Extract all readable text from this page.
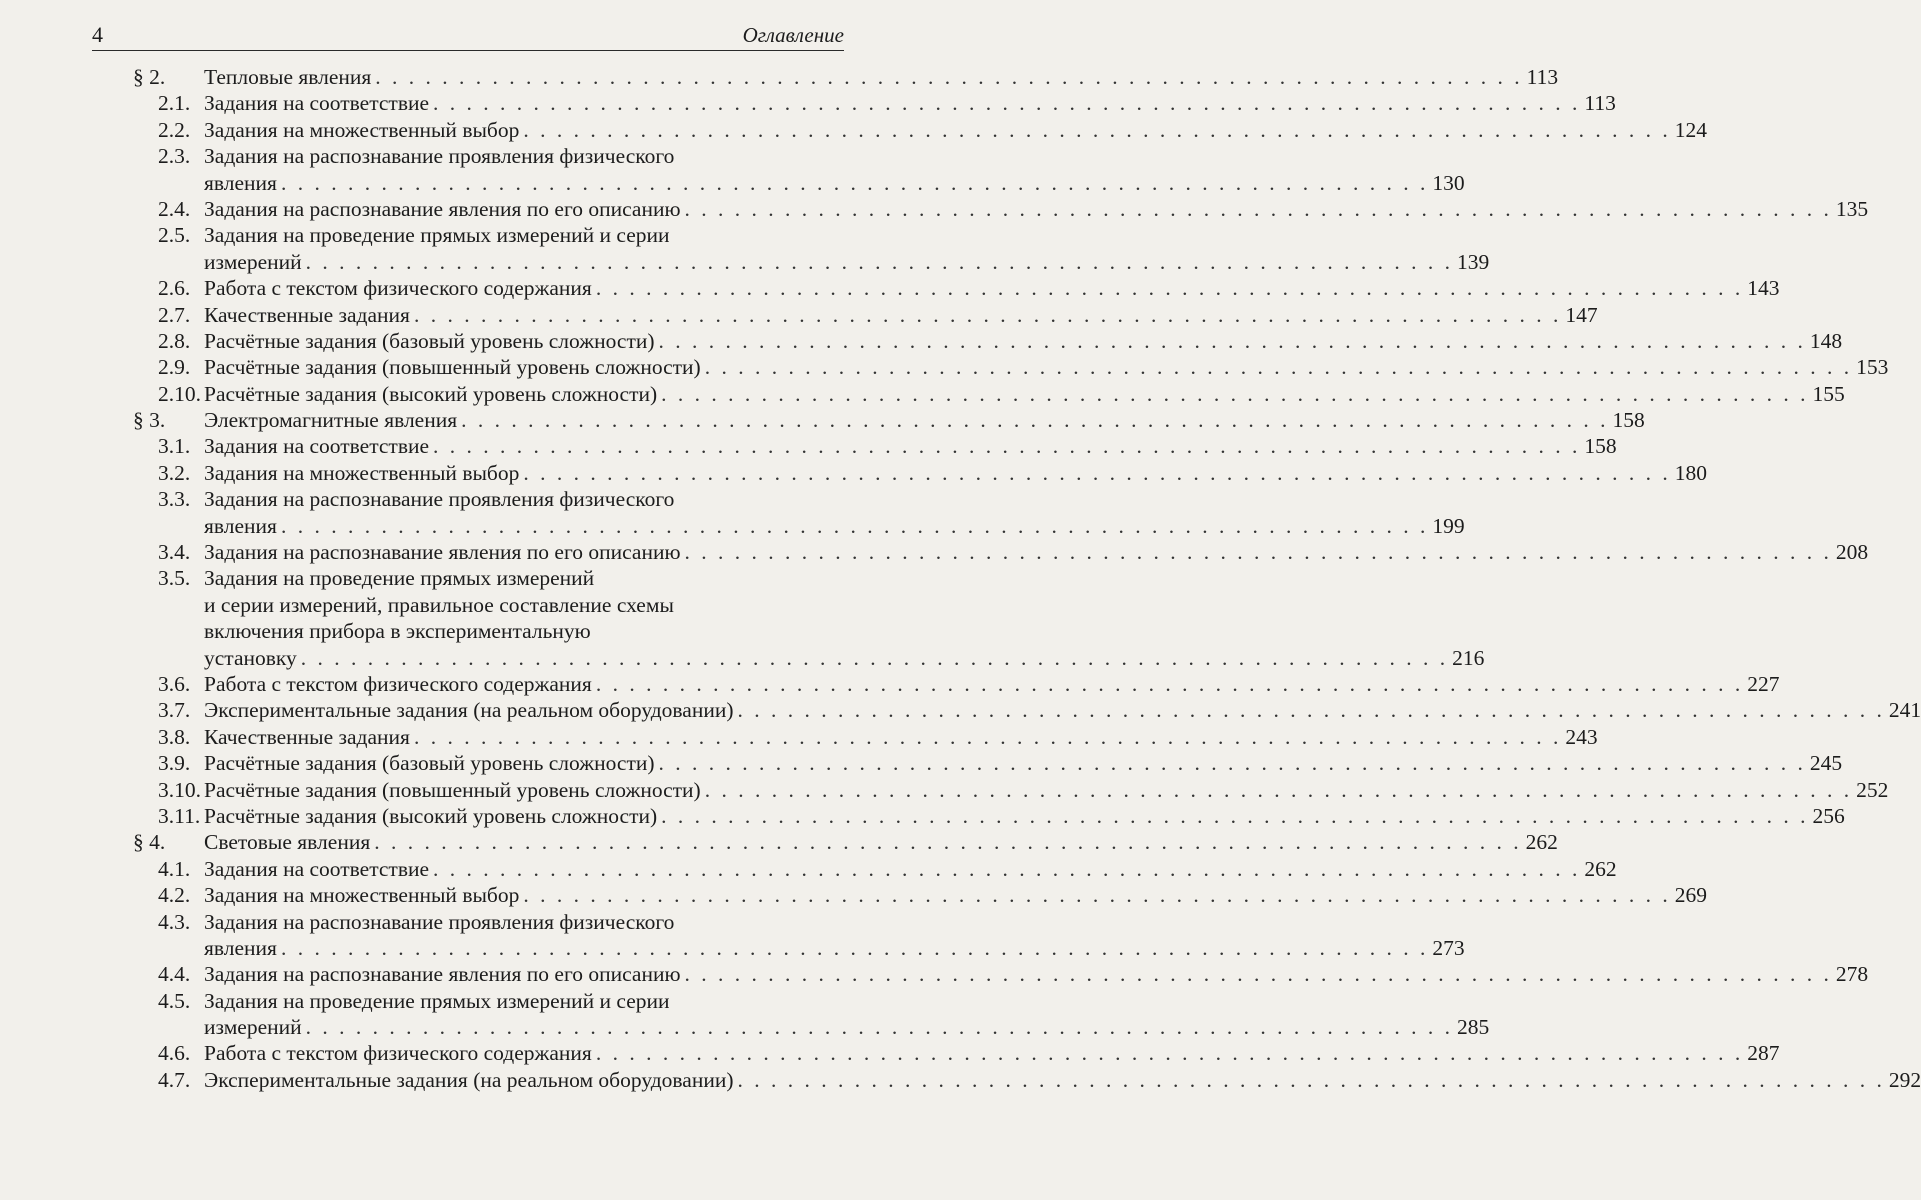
4	Оглавление
§ 2. Тепловые явления . . . . . . . . . . . . . . . . . . . . . . . . . . . . . . . . . . . . . . . . . . . . . . . . . . . . . . . . . . . . . . . . . . . . . 113
2.1. Задания на соответствие . . . . . . . . . . . . . . . . . . . . . . . . . . . . . . . . . . . . . . . . . . . . . . . . . . . . . . . . . . . . . . . . . . . . . 113
2.2. Задания на множественный выбор . . . . . . . . . . . . . . . . . . . . . . . . . . . . . . . . . . . . . . . . . . . . . . . . . . . . . . . . . . . . . . . . . . . . . 124
2.3. Задания на распознавание проявления физического
явления . . . . . . . . . . . . . . . . . . . . . . . . . . . . . . . . . . . . . . . . . . . . . . . . . . . . . . . . . . . . . . . . . . . . . 130
2.4. Задания на распознавание явления по его описанию . . . . . . . . . . . . . . . . . . . . . . . . . . . . . . . . . . . . . . . . . . . . . . . . . . . . . . . . . . . . . . . . . . . . . 135
2.5. Задания на проведение прямых измерений и серии
измерений . . . . . . . . . . . . . . . . . . . . . . . . . . . . . . . . . . . . . . . . . . . . . . . . . . . . . . . . . . . . . . . . . . . . . 139
2.6. Работа с текстом физического содержания . . . . . . . . . . . . . . . . . . . . . . . . . . . . . . . . . . . . . . . . . . . . . . . . . . . . . . . . . . . . . . . . . . . . . 143
2.7. Качественные задания . . . . . . . . . . . . . . . . . . . . . . . . . . . . . . . . . . . . . . . . . . . . . . . . . . . . . . . . . . . . . . . . . . . . . 147
2.8. Расчётные задания (базовый уровень сложности) . . . . . . . . . . . . . . . . . . . . . . . . . . . . . . . . . . . . . . . . . . . . . . . . . . . . . . . . . . . . . . . . . . . . . 148
2.9. Расчётные задания (повышенный уровень сложности) . . . . . . . . . . . . . . . . . . . . . . . . . . . . . . . . . . . . . . . . . . . . . . . . . . . . . . . . . . . . . . . . . . . . . 153
2.10. Расчётные задания (высокий уровень сложности) . . . . . . . . . . . . . . . . . . . . . . . . . . . . . . . . . . . . . . . . . . . . . . . . . . . . . . . . . . . . . . . . . . . . . 155
§ 3. Электромагнитные явления . . . . . . . . . . . . . . . . . . . . . . . . . . . . . . . . . . . . . . . . . . . . . . . . . . . . . . . . . . . . . . . . . . . . . 158
3.1. Задания на соответствие . . . . . . . . . . . . . . . . . . . . . . . . . . . . . . . . . . . . . . . . . . . . . . . . . . . . . . . . . . . . . . . . . . . . . 158
3.2. Задания на множественный выбор . . . . . . . . . . . . . . . . . . . . . . . . . . . . . . . . . . . . . . . . . . . . . . . . . . . . . . . . . . . . . . . . . . . . . 180
3.3. Задания на распознавание проявления физического
явления . . . . . . . . . . . . . . . . . . . . . . . . . . . . . . . . . . . . . . . . . . . . . . . . . . . . . . . . . . . . . . . . . . . . . 199
3.4. Задания на распознавание явления по его описанию . . . . . . . . . . . . . . . . . . . . . . . . . . . . . . . . . . . . . . . . . . . . . . . . . . . . . . . . . . . . . . . . . . . . . 208
3.5. Задания на проведение прямых измерений
и серии измерений, правильное составление схемы
включения прибора в экспериментальную
установку . . . . . . . . . . . . . . . . . . . . . . . . . . . . . . . . . . . . . . . . . . . . . . . . . . . . . . . . . . . . . . . . . . . . . 216
3.6. Работа с текстом физического содержания . . . . . . . . . . . . . . . . . . . . . . . . . . . . . . . . . . . . . . . . . . . . . . . . . . . . . . . . . . . . . . . . . . . . . 227
3.7. Экспериментальные задания (на реальном оборудовании) . . . . . . . . . . . . . . . . . . . . . . . . . . . . . . . . . . . . . . . . . . . . . . . . . . . . . . . . . . . . . . . . . . . . . 241
3.8. Качественные задания . . . . . . . . . . . . . . . . . . . . . . . . . . . . . . . . . . . . . . . . . . . . . . . . . . . . . . . . . . . . . . . . . . . . . 243
3.9. Расчётные задания (базовый уровень сложности) . . . . . . . . . . . . . . . . . . . . . . . . . . . . . . . . . . . . . . . . . . . . . . . . . . . . . . . . . . . . . . . . . . . . . 245
3.10. Расчётные задания (повышенный уровень сложности) . . . . . . . . . . . . . . . . . . . . . . . . . . . . . . . . . . . . . . . . . . . . . . . . . . . . . . . . . . . . . . . . . . . . . 252
3.11. Расчётные задания (высокий уровень сложности) . . . . . . . . . . . . . . . . . . . . . . . . . . . . . . . . . . . . . . . . . . . . . . . . . . . . . . . . . . . . . . . . . . . . . 256
§ 4. Световые явления . . . . . . . . . . . . . . . . . . . . . . . . . . . . . . . . . . . . . . . . . . . . . . . . . . . . . . . . . . . . . . . . . . . . . 262
4.1. Задания на соответствие . . . . . . . . . . . . . . . . . . . . . . . . . . . . . . . . . . . . . . . . . . . . . . . . . . . . . . . . . . . . . . . . . . . . . 262
4.2. Задания на множественный выбор . . . . . . . . . . . . . . . . . . . . . . . . . . . . . . . . . . . . . . . . . . . . . . . . . . . . . . . . . . . . . . . . . . . . . 269
4.3. Задания на распознавание проявления физического
явления . . . . . . . . . . . . . . . . . . . . . . . . . . . . . . . . . . . . . . . . . . . . . . . . . . . . . . . . . . . . . . . . . . . . . 273
4.4. Задания на распознавание явления по его описанию . . . . . . . . . . . . . . . . . . . . . . . . . . . . . . . . . . . . . . . . . . . . . . . . . . . . . . . . . . . . . . . . . . . . . 278
4.5. Задания на проведение прямых измерений и серии
измерений . . . . . . . . . . . . . . . . . . . . . . . . . . . . . . . . . . . . . . . . . . . . . . . . . . . . . . . . . . . . . . . . . . . . . 285
4.6. Работа с текстом физического содержания . . . . . . . . . . . . . . . . . . . . . . . . . . . . . . . . . . . . . . . . . . . . . . . . . . . . . . . . . . . . . . . . . . . . . 287
4.7. Экспериментальные задания (на реальном оборудовании) . . . . . . . . . . . . . . . . . . . . . . . . . . . . . . . . . . . . . . . . . . . . . . . . . . . . . . . . . . . . . . . . . . . . . 292
